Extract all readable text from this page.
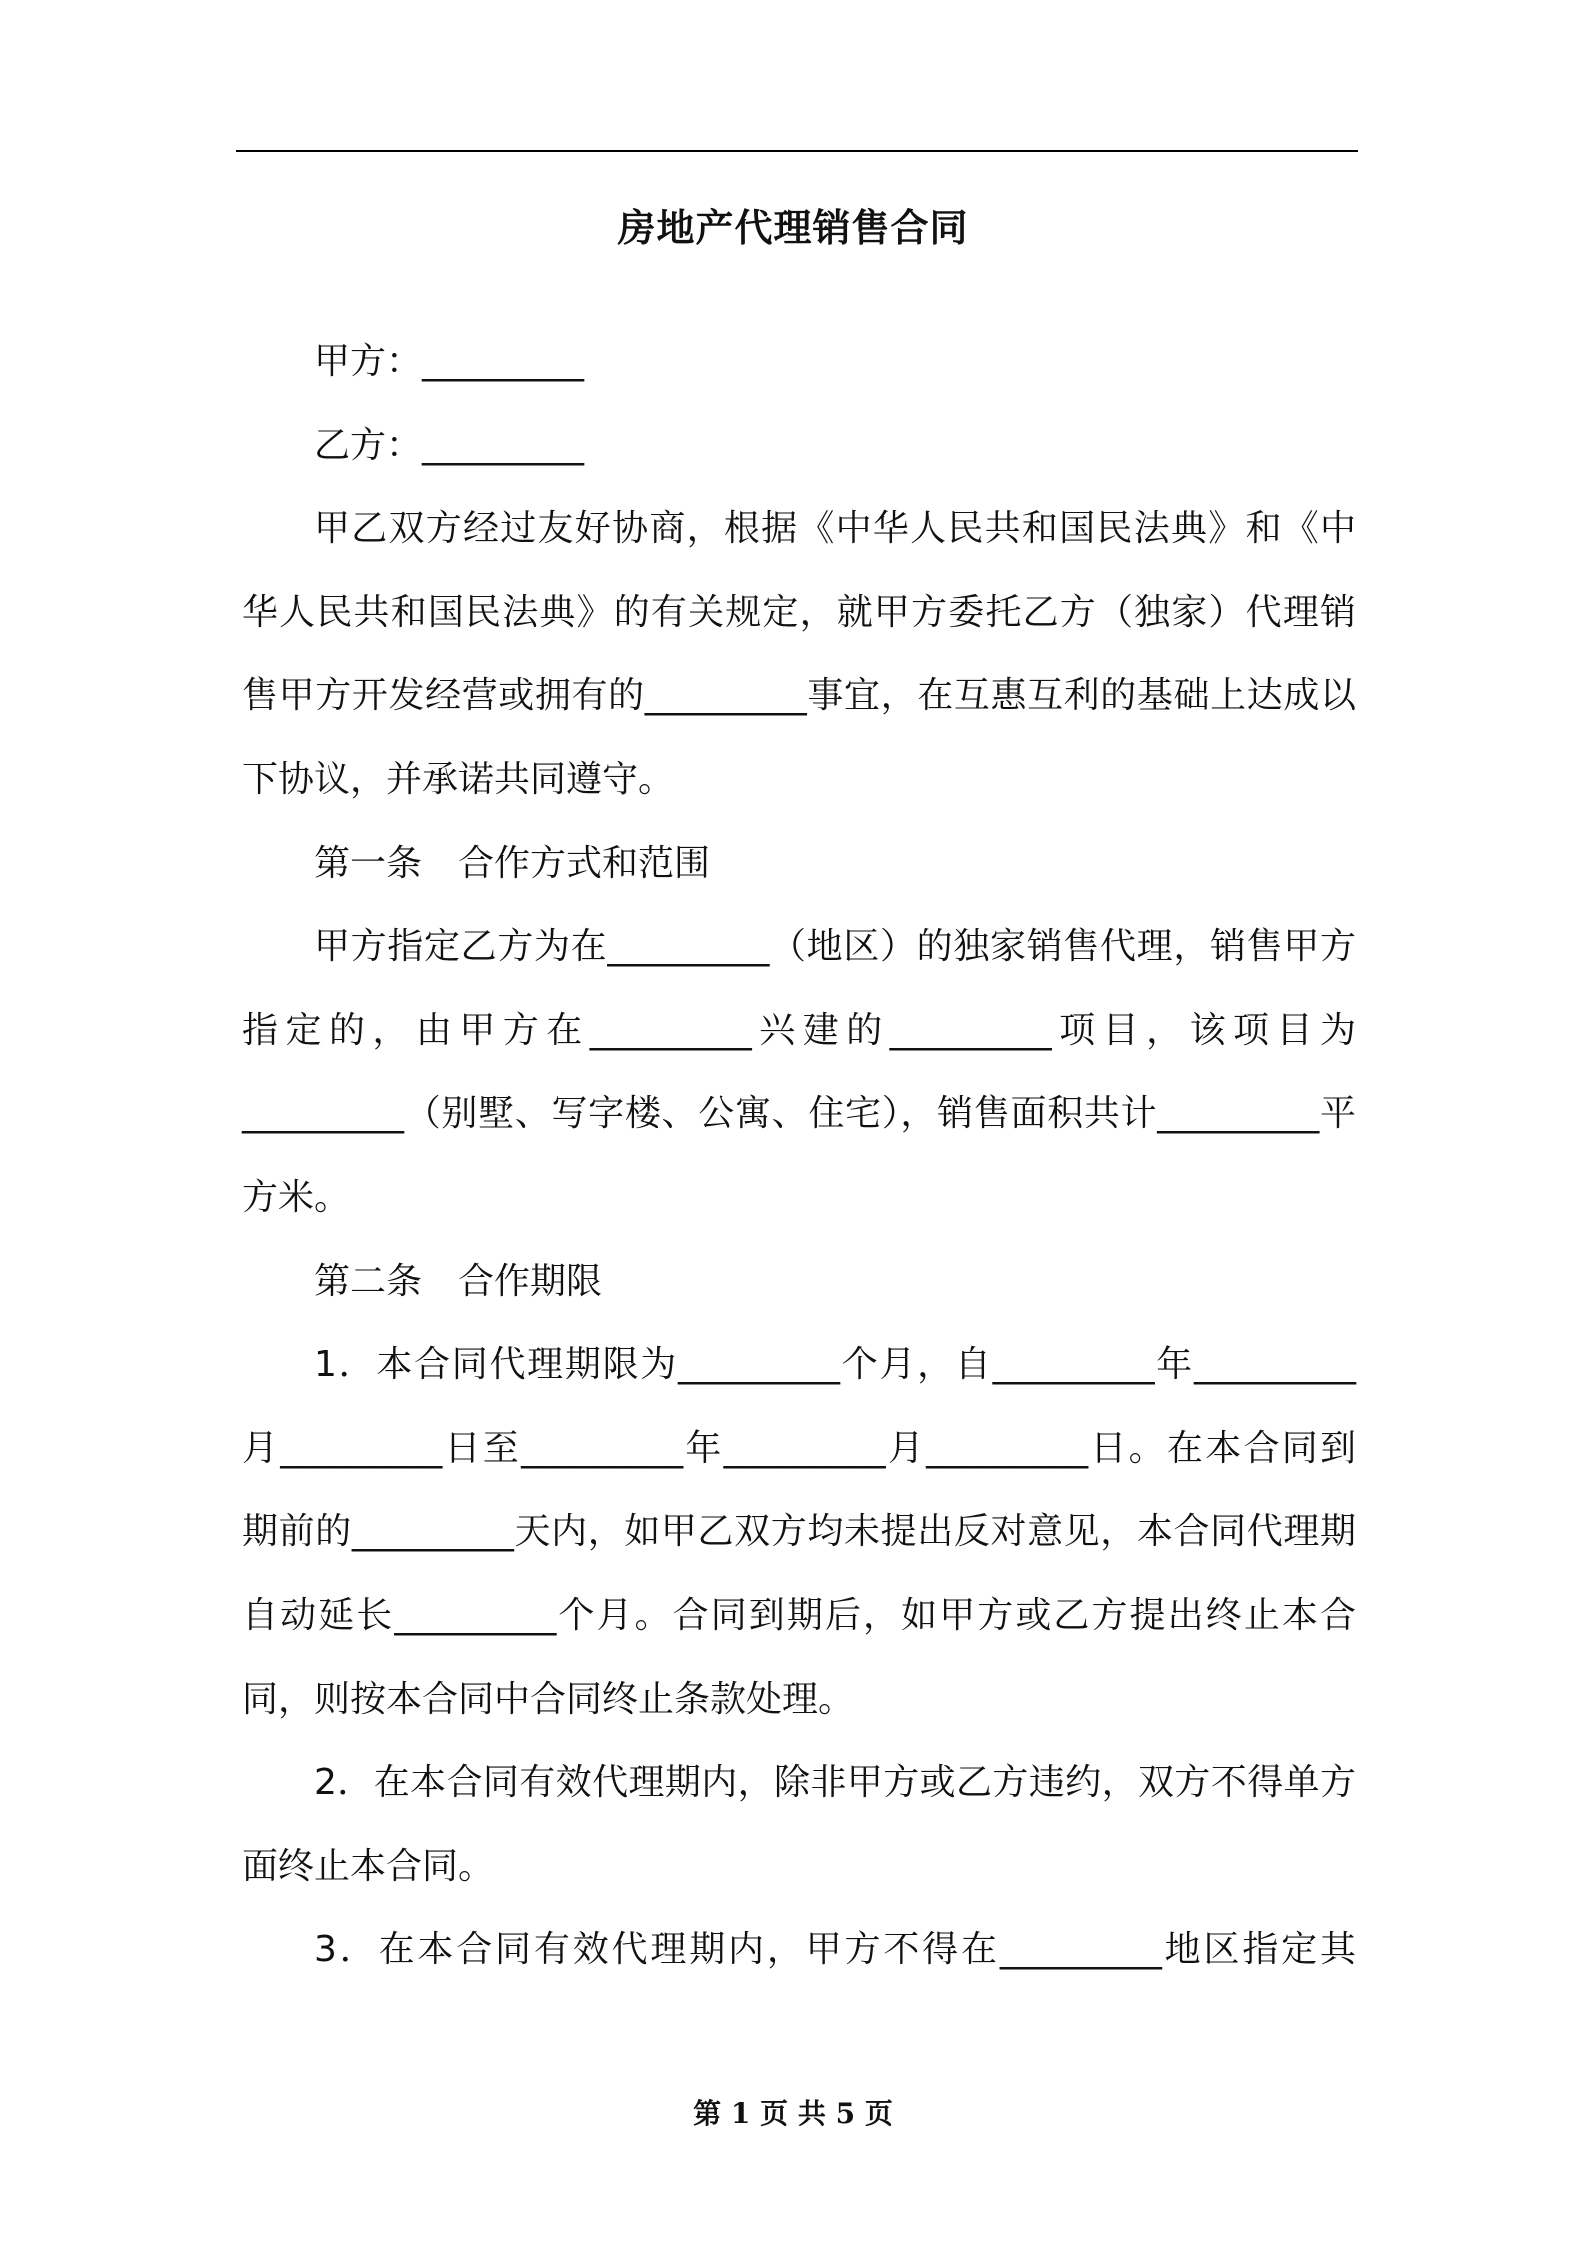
房地产代理销售合同

甲方：_________

乙方：_________

甲乙双方经过友好协商，根据《中华人民共和国民法典》和《中华人民共和国民法典》的有关规定，就甲方委托乙方（独家）代理销售甲方开发经营或拥有的_________事宜，在互惠互利的基础上达成以下协议，并承诺共同遵守。

第一条　合作方式和范围

甲方指定乙方为在_________（地区）的独家销售代理，销售甲方指定的，由甲方在_________兴建的_________项目，该项目为_________（别墅、写字楼、公寓、住宅），销售面积共计_________平方米。

第二条　合作期限

1．本合同代理期限为_________个月，自_________年_________月_________日至_________年_________月_________日。在本合同到期前的_________天内，如甲乙双方均未提出反对意见，本合同代理期自动延长_________个月。合同到期后，如甲方或乙方提出终止本合同，则按本合同中合同终止条款处理。

2．在本合同有效代理期内，除非甲方或乙方违约，双方不得单方面终止本合同。

3．在本合同有效代理期内，甲方不得在_________地区指定其

第 1 页 共 5 页
